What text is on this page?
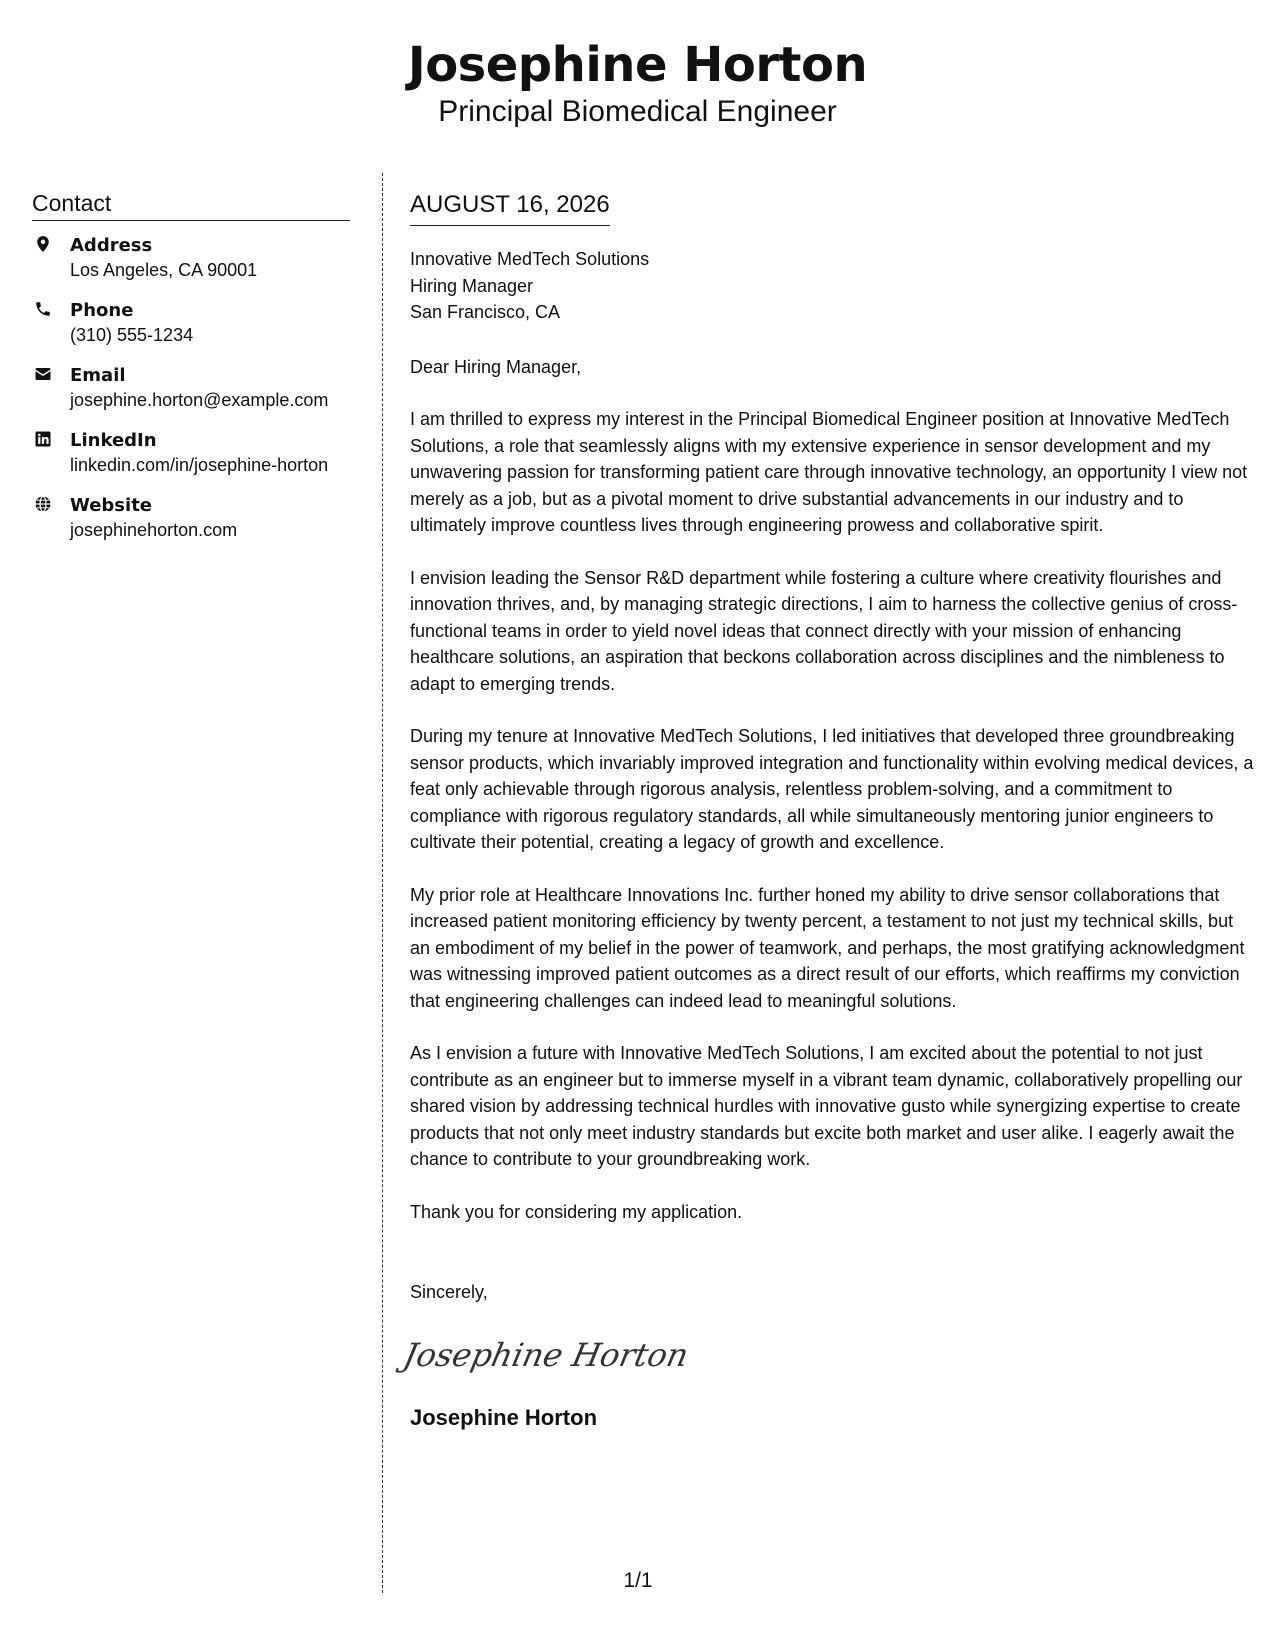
Josephine Horton
Principal Biomedical Engineer
Contact
Address
Los Angeles, CA 90001
Phone
(310) 555-1234
Email
josephine.horton@example.com
LinkedIn
linkedin.com/in/josephine-horton
Website
josephinehorton.com
AUGUST 16, 2026
Innovative MedTech Solutions
Hiring Manager
San Francisco, CA

Dear Hiring Manager,

I am thrilled to express my interest in the Principal Biomedical Engineer position at Innovative MedTech Solutions, a role that seamlessly aligns with my extensive experience in sensor development and my unwavering passion for transforming patient care through innovative technology, an opportunity I view not merely as a job, but as a pivotal moment to drive substantial advancements in our industry and to ultimately improve countless lives through engineering prowess and collaborative spirit.

I envision leading the Sensor R&D department while fostering a culture where creativity flourishes and innovation thrives, and, by managing strategic directions, I aim to harness the collective genius of cross-functional teams in order to yield novel ideas that connect directly with your mission of enhancing healthcare solutions, an aspiration that beckons collaboration across disciplines and the nimbleness to adapt to emerging trends.

During my tenure at Innovative MedTech Solutions, I led initiatives that developed three groundbreaking sensor products, which invariably improved integration and functionality within evolving medical devices, a feat only achievable through rigorous analysis, relentless problem-solving, and a commitment to compliance with rigorous regulatory standards, all while simultaneously mentoring junior engineers to cultivate their potential, creating a legacy of growth and excellence.

My prior role at Healthcare Innovations Inc. further honed my ability to drive sensor collaborations that increased patient monitoring efficiency by twenty percent, a testament to not just my technical skills, but an embodiment of my belief in the power of teamwork, and perhaps, the most gratifying acknowledgment was witnessing improved patient outcomes as a direct result of our efforts, which reaffirms my conviction that engineering challenges can indeed lead to meaningful solutions.

As I envision a future with Innovative MedTech Solutions, I am excited about the potential to not just contribute as an engineer but to immerse myself in a vibrant team dynamic, collaboratively propelling our shared vision by addressing technical hurdles with innovative gusto while synergizing expertise to create products that not only meet industry standards but excite both market and user alike. I eagerly await the chance to contribute to your groundbreaking work.

Thank you for considering my application.

Sincerely,

Josephine Horton
Josephine Horton
1/1
